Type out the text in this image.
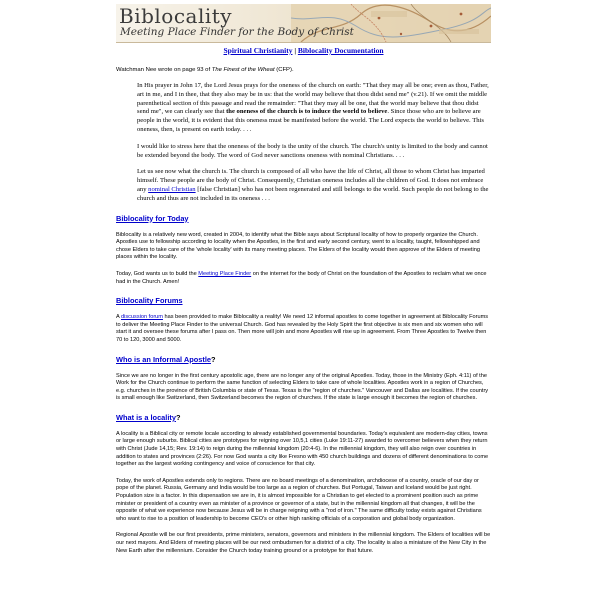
Biblocality
Meeting Place Finder for the Body of Christ
Spiritual Christianity | Biblocality Documentation
Watchman Nee wrote on page 93 of The Finest of the Wheat (CFP).

In His prayer in John 17, the Lord Jesus prays for the oneness of the church on earth: "That they may all be one; even as thou, Father, art in me, and I in thee, that they also may be in us: that the world may believe that thou didst send me" (v.21). If we omit the middle parenthetical section of this passage and read the remainder: "That they may all be one, that the world may believe that thou didst send me", we can clearly see that the oneness of the church is to induce the world to believe. Since those who are to believe are people in the world, it is evident that this oneness must be manifested before the world. The Lord expects the world to believe. This oneness, then, is present on earth today. . . .

I would like to stress here that the oneness of the body is the unity of the church. The church's unity is limited to the body and cannot be extended beyond the body. The word of God never sanctions oneness with nominal Christians. . . .

Let us see now what the church is. The church is composed of all who have the life of Christ, all those to whom Christ has imparted himself. These people are the body of Christ. Consequently, Christian oneness includes all the children of God. It does not embrace any nominal Christian [false Christian] who has not been regenerated and still belongs to the world. Such people do not belong to the church and thus are not included in its oneness . . .

Biblocality for Today

Biblocality is a relatively new word, created in 2004, to identify what the Bible says about Scriptural locality of how to properly organize the Church. Apostles use to fellowship according to locality when the Apostles, in the first and early second century, went to a locality, taught, fellowshipped and chose Elders to take care of the 'whole locality' with its many meeting places. The Elders of the locality would then approve of the Elders of meeting places within the locality.

Today, God wants us to build the Meeting Place Finder on the internet for the body of Christ on the foundation of the Apostles to reclaim what we once had in the Church. Amen!

Biblocality Forums

A discussion forum has been provided to make Biblocality a reality! We need 12 informal apostles to come together in agreement at Biblocality Forums to deliver the Meeting Place Finder to the universal Church. God has revealed by the Holy Spirit the first objective is six men and six women who will start it and oversee these forums after I pass on. Then more will join and more Apostles will rise up in agreement. From Three Apostles to Twelve then 70 to 120, 3000 and 5000.

Who is an Informal Apostle?

Since we are no longer in the first century apostolic age, there are no longer any of the original Apostles. Today, those in the Ministry (Eph. 4:11) of the Work for the Church continue to perform the same function of selecting Elders to take care of whole localities. Apostles work in a region of Churches, e.g. churches in the province of British Columbia or state of Texas. Texas is the "region of churches." Vancouver and Dallas are localities. If the country is small enough like Switzerland, then Switzerland becomes the region of churches. If the state is large enough it becomes the region of churches.

What is a locality?

A locality is a Biblical city or remote locale according to already established governmental boundaries. Today's equivalent are modern-day cities, towns or large enough suburbs. Biblical cities are prototypes for reigning over 10,5,1 cities (Luke 19:11-27) awarded to overcomer believers when they return with Christ (Jude 14,15; Rev. 19:14) to reign during the millennial kingdom (20:4-6). In the millennial kingdom, they will also reign over countries in addition to states and provinces (2:26). For now God wants a city like Fresno with 450 church buildings and dozens of different denominations to come together as the largest working contingency and voice of conscience for that city.

Today, the work of Apostles extends only to regions. There are no board meetings of a denomination, archdiocese of a country, oracle of our day or pope of the planet. Russia, Germany and India would be too large as a region of churches. But Portugal, Taiwan and Iceland would be just right. Population size is a factor. In this dispensation we are in, it is almost impossible for a Christian to get elected to a prominent position such as prime minister or president of a country even as minister of a province or governor of a state, but in the millennial kingdom all that changes, it will be the opposite of what we experience now because Jesus will be in charge reigning with a "rod of iron." The same difficulty today exists against Christians who want to rise to a position of leadership to become CEO's or other high ranking officials of a corporation and global body organization.

Regional Apostle will be our first presidents, prime ministers, senators, governors and ministers in the millennial kingdom. The Elders of localities will be our next mayors. And Elders of meeting places will be our next ombudsmen for a district of a city. The locality is also a miniature of the New City in the New Earth after the millennium. Consider the Church today training ground or a prototype for that future.
